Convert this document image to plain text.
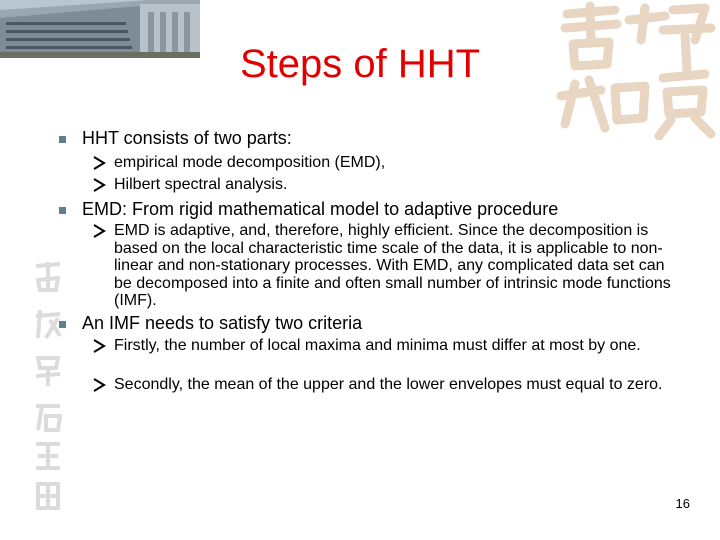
Steps of HHT
HHT consists of two parts:
empirical mode decomposition (EMD),
Hilbert spectral analysis.
EMD: From rigid mathematical model to adaptive procedure
EMD is adaptive, and, therefore, highly efficient. Since the decomposition is based on the local characteristic time scale of the data, it is applicable to non-linear and non-stationary processes. With EMD, any complicated data set can be decomposed into a finite and often small number of intrinsic mode functions (IMF).
An IMF needs to satisfy two criteria
Firstly, the number of local maxima and minima must differ at most by one.
Secondly, the mean of the upper and the lower envelopes must equal to zero.
16
